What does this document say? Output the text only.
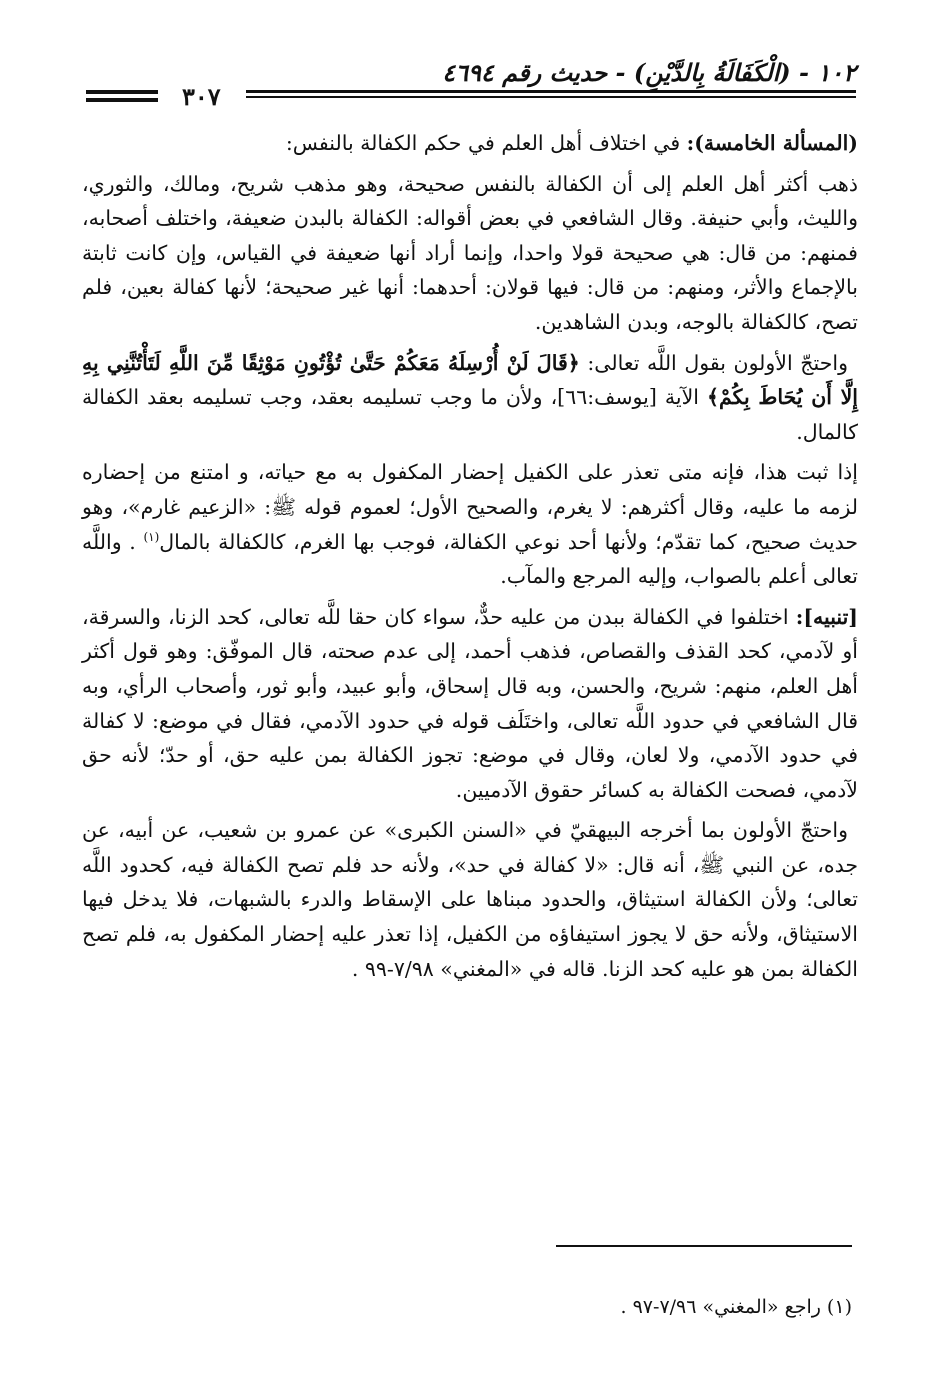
١٠٢ - (الْكَفَالَةُ بِالدَّيْنِ) - حديث رقم ٤٦٩٤
٣٠٧

(المسألة الخامسة): في اختلاف أهل العلم في حكم الكفالة بالنفس:

ذهب أكثر أهل العلم إلى أن الكفالة بالنفس صحيحة، وهو مذهب شريح، ومالك، والثوري، والليث، وأبي حنيفة. وقال الشافعي في بعض أقواله: الكفالة بالبدن ضعيفة، واختلف أصحابه، فمنهم: من قال: هي صحيحة قولا واحدا، وإنما أراد أنها ضعيفة في القياس، وإن كانت ثابتة بالإجماع والأثر، ومنهم: من قال: فيها قولان: أحدهما: أنها غير صحيحة؛ لأنها كفالة بعين، فلم تصح، كالكفالة بالوجه، وبدن الشاهدين.

واحتجّ الأولون بقول اللَّه تعالى: ﴿قَالَ لَنْ أُرْسِلَهُ مَعَكُمْ حَتَّىٰ تُؤْتُونِ مَوْثِقًا مِّنَ اللَّهِ لَتَأْتُنَّنِي بِهِ إِلَّا أَن يُحَاطَ بِكُمْ﴾ الآية [يوسف:٦٦]، ولأن ما وجب تسليمه بعقد، وجب تسليمه بعقد الكفالة كالمال.

إذا ثبت هذا، فإنه متى تعذر على الكفيل إحضار المكفول به مع حياته، و امتنع من إحضاره لزمه ما عليه، وقال أكثرهم: لا يغرم، والصحيح الأول؛ لعموم قوله ﷺ: «الزعيم غارم»، وهو حديث صحيح، كما تقدّم؛ ولأنها أحد نوعي الكفالة، فوجب بها الغرم، كالكفالة بالمال$^{(١)}$ . واللَّه تعالى أعلم بالصواب، وإليه المرجع والمآب.

[تنبيه]: اختلفوا في الكفالة ببدن من عليه حدٌّ، سواء كان حقا للَّه تعالى، كحد الزنا، والسرقة، أو لآدمي، كحد القذف والقصاص، فذهب أحمد، إلى عدم صحته، قال الموفّق: وهو قول أكثر أهل العلم، منهم: شريح، والحسن، وبه قال إسحاق، وأبو عبيد، وأبو ثور، وأصحاب الرأي، وبه قال الشافعي في حدود اللَّه تعالى، واختَلَف قوله في حدود الآدمي، فقال في موضع: لا كفالة في حدود الآدمي، ولا لعان، وقال في موضع: تجوز الكفالة بمن عليه حق، أو حدّ؛ لأنه حق لآدمي، فصحت الكفالة به كسائر حقوق الآدميين.

واحتجّ الأولون بما أخرجه البيهقيّ في «السنن الكبرى» عن عمرو بن شعيب، عن أبيه، عن جده، عن النبي ﷺ، أنه قال: «لا كفالة في حد»، ولأنه حد فلم تصح الكفالة فيه، كحدود اللَّه تعالى؛ ولأن الكفالة استيثاق، والحدود مبناها على الإسقاط والدرء بالشبهات، فلا يدخل فيها الاستيثاق، ولأنه حق لا يجوز استيفاؤه من الكفيل، إذا تعذر عليه إحضار المكفول به، فلم تصح الكفالة بمن هو عليه كحد الزنا. قاله في «المغني» ٧/٩٨-٩٩ .

(١) راجع «المغني» ٧/٩٦-٩٧ .
